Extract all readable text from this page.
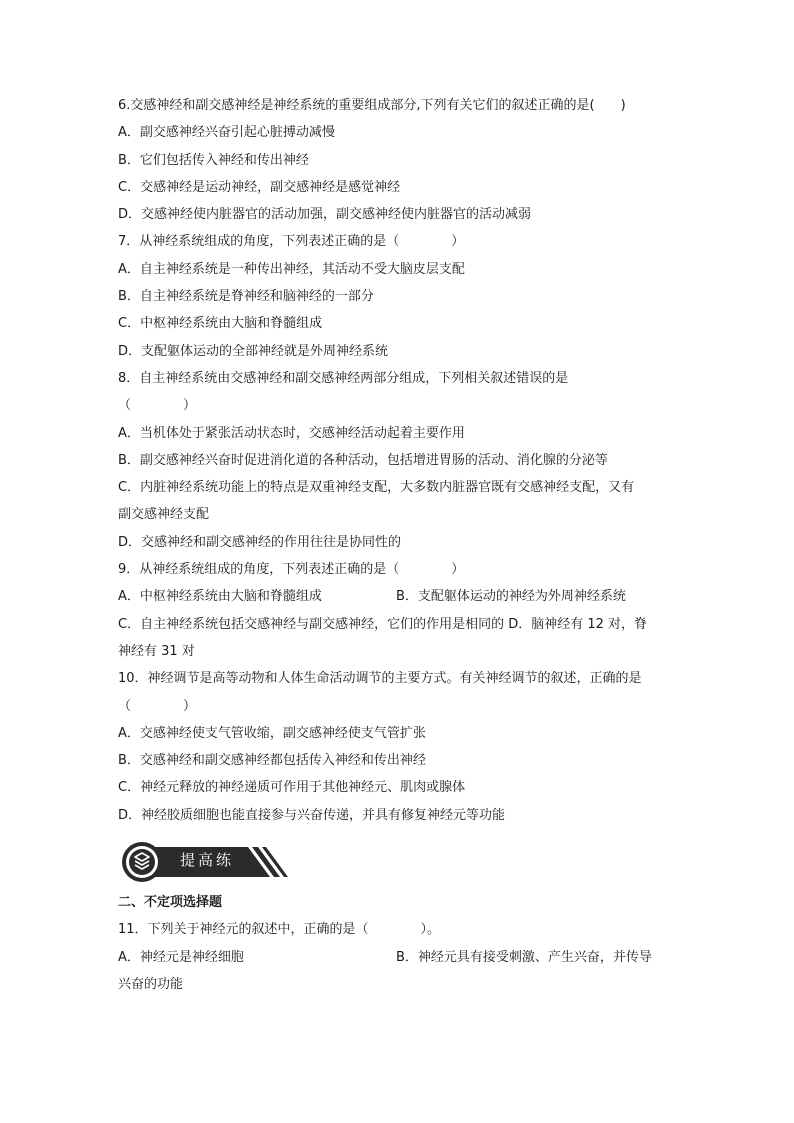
6.交感神经和副交感神经是神经系统的重要组成部分,下列有关它们的叙述正确的是(　　)
A．副交感神经兴奋引起心脏搏动减慢
B．它们包括传入神经和传出神经
C．交感神经是运动神经，副交感神经是感觉神经
D．交感神经使内脏器官的活动加强，副交感神经使内脏器官的活动减弱
7．从神经系统组成的角度，下列表述正确的是（　　　　）
A．自主神经系统是一种传出神经，其活动不受大脑皮层支配
B．自主神经系统是脊神经和脑神经的一部分
C．中枢神经系统由大脑和脊髓组成
D．支配躯体运动的全部神经就是外周神经系统
8．自主神经系统由交感神经和副交感神经两部分组成，下列相关叙述错误的是
（　　　　）
A．当机体处于紧张活动状态时，交感神经活动起着主要作用
B．副交感神经兴奋时促进消化道的各种活动，包括增进胃肠的活动、消化腺的分泌等
C．内脏神经系统功能上的特点是双重神经支配，大多数内脏器官既有交感神经支配，又有
副交感神经支配
D．交感神经和副交感神经的作用往往是协同性的
9．从神经系统组成的角度，下列表述正确的是（　　　　）
A．中枢神经系统由大脑和脊髓组成	B．支配躯体运动的神经为外周神经系统
C．自主神经系统包括交感神经与副交感神经，它们的作用是相同的 D．脑神经有 12 对，脊
神经有 31 对
10．神经调节是高等动物和人体生命活动调节的主要方式。有关神经调节的叙述，正确的是
（　　　　）
A．交感神经使支气管收缩，副交感神经使支气管扩张
B．交感神经和副交感神经都包括传入神经和传出神经
C．神经元释放的神经递质可作用于其他神经元、肌肉或腺体
D．神经胶质细胞也能直接参与兴奋传递，并具有修复神经元等功能
提高练
二、不定项选择题
11．下列关于神经元的叙述中，正确的是（　　　　）。
A．神经元是神经细胞	B．神经元具有接受刺激、产生兴奋，并传导
兴奋的功能
